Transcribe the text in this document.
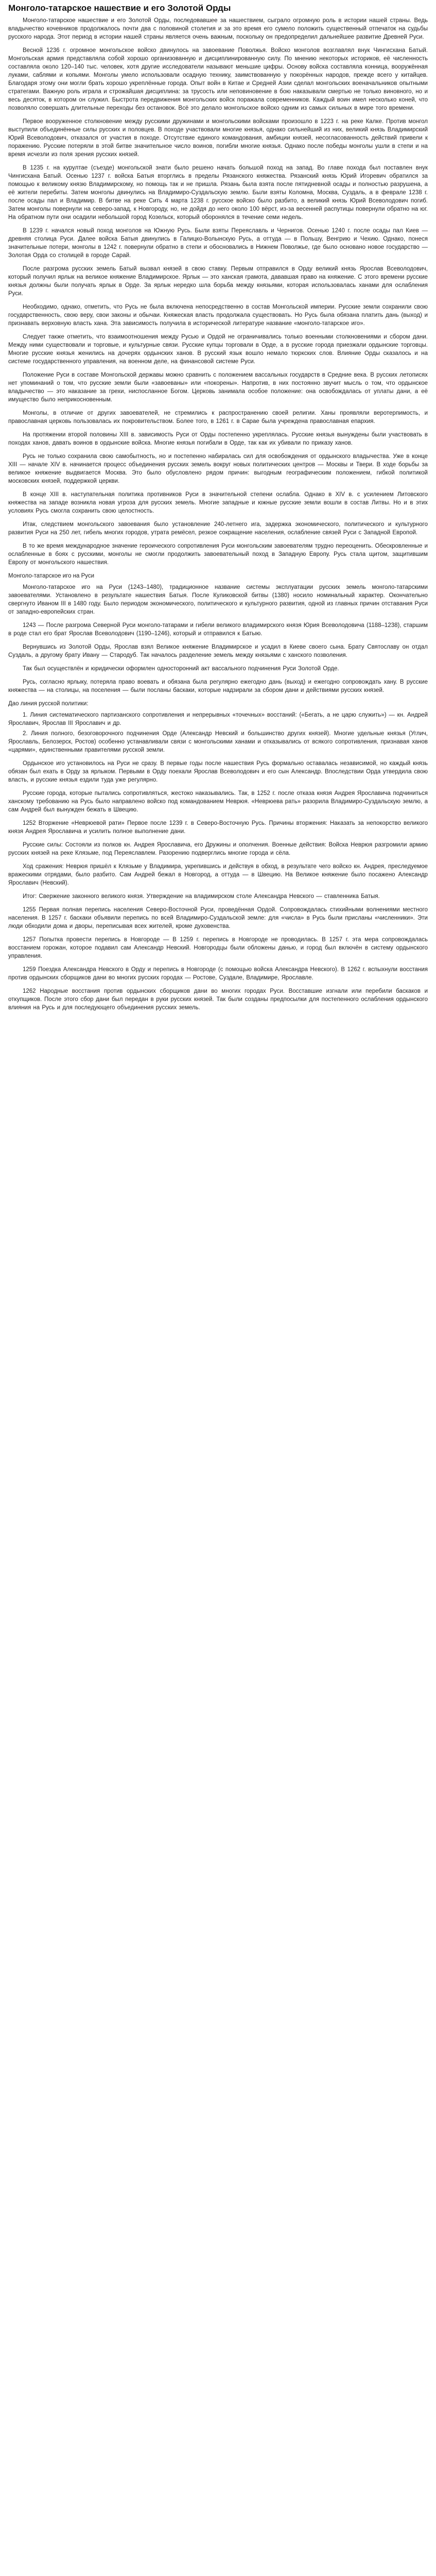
Монголо-татарское нашествие и его Золотой Орды

Монголо-татарское нашествие и его Золотой Орды, последовавшее за нашествием, сыграло огромную роль в истории нашей страны. Ведь владычество кочевников продолжалось почти два с половиной столетия и за это время его сумело положить существенный отпечаток на судьбы русского народа. Этот период в истории нашей страны является очень важным, поскольку он предопределил дальнейшее развитие Древней Руси.

Весной 1236 г. огромное монгольское войско двинулось на завоевание Поволжья. Войско монголов возглавлял внук Чингисхана Батый. Монгольская армия представляла собой хорошо организованную и дисциплинированную силу. По мнению некоторых историков, её численность составляла около 120–140 тыс. человек, хотя другие исследователи называют меньшие цифры. Основу войска составляла конница, вооружённая луками, саблями и копьями. Монголы умело использовали осадную технику, заимствованную у покорённых народов, прежде всего у китайцев. Благодаря этому они могли брать хорошо укреплённые города. Опыт войн в Китае и Средней Азии сделал монгольских военачальников опытными стратегами. Важную роль играла и строжайшая дисциплина: за трусость или неповиновение в бою наказывали смертью не только виновного, но и весь десяток, в котором он служил. Быстрота передвижения монгольских войск поражала современников. Каждый воин имел несколько коней, что позволяло совершать длительные переходы без остановок. Всё это делало монгольское войско одним из самых сильных в мире того времени.

Первое вооруженное столкновение между русскими дружинами и монгольскими войсками произошло в 1223 г. на реке Калке. Против монгол выступили объединённые силы русских и половцев. В походе участвовали многие князья, однако сильнейший из них, великий князь Владимирский Юрий Всеволодович, отказался от участия в походе. Отсутствие единого командования, амбиции князей, несогласованность действий привели к поражению. Русские потеряли в этой битве значительное число воинов, погибли многие князья. Однако после победы монголы ушли в степи и на время исчезли из поля зрения русских князей.

В 1235 г. на курултае (съезде) монгольской знати было решено начать большой поход на запад. Во главе похода был поставлен внук Чингисхана Батый. Осенью 1237 г. войска Батыя вторглись в пределы Рязанского княжества. Рязанский князь Юрий Игоревич обратился за помощью к великому князю Владимирскому, но помощь так и не пришла. Рязань была взята после пятидневной осады и полностью разрушена, а её жители перебиты. Затем монголы двинулись на Владимиро-Суздальскую землю. Были взяты Коломна, Москва, Суздаль, а в феврале 1238 г. после осады пал и Владимир. В битве на реке Сить 4 марта 1238 г. русское войско было разбито, а великий князь Юрий Всеволодович погиб. Затем монголы повернули на северо-запад, к Новгороду, но, не дойдя до него около 100 вёрст, из-за весенней распутицы повернули обратно на юг. На обратном пути они осадили небольшой город Козельск, который оборонялся в течение семи недель.

В 1239 г. начался новый поход монголов на Южную Русь. Были взяты Переяславль и Чернигов. Осенью 1240 г. после осады пал Киев — древняя столица Руси. Далее войска Батыя двинулись в Галицко-Волынскую Русь, а оттуда — в Польшу, Венгрию и Чехию. Однако, понеся значительные потери, монголы в 1242 г. повернули обратно в степи и обосновались в Нижнем Поволжье, где было основано новое государство — Золотая Орда со столицей в городе Сарай.

После разгрома русских земель Батый вызвал князей в свою ставку. Первым отправился в Орду великий князь Ярослав Всеволодович, который получил ярлык на великое княжение Владимирское. Ярлык — это ханская грамота, дававшая право на княжение. С этого времени русские князья должны были получать ярлык в Орде. За ярлык нередко шла борьба между князьями, которая использовалась ханами для ослабления Руси.

Необходимо, однако, отметить, что Русь не была включена непосредственно в состав Монгольской империи. Русские земли сохранили свою государственность, свою веру, свои законы и обычаи. Княжеская власть продолжала существовать. Но Русь была обязана платить дань (выход) и признавать верховную власть хана. Эта зависимость получила в исторической литературе название «монголо-татарское иго».

Следует также отметить, что взаимоотношения между Русью и Ордой не ограничивались только военными столкновениями и сбором дани. Между ними существовали и торговые, и культурные связи. Русские купцы торговали в Орде, а в русские города приезжали ордынские торговцы. Многие русские князья женились на дочерях ордынских ханов. В русский язык вошло немало тюркских слов. Влияние Орды сказалось и на системе государственного управления, на военном деле, на финансовой системе Руси.

Положение Руси в составе Монгольской державы можно сравнить с положением вассальных государств в Средние века. В русских летописях нет упоминаний о том, что русские земли были «завоеваны» или «покорены». Напротив, в них постоянно звучит мысль о том, что ордынское владычество — это наказание за грехи, ниспосланное Богом. Церковь занимала особое положение: она освобождалась от уплаты дани, а её имущество было неприкосновенным.

Монголы, в отличие от других завоевателей, не стремились к распространению своей религии. Ханы проявляли веротерпимость, и православная церковь пользовалась их покровительством. Более того, в 1261 г. в Сарае была учреждена православная епархия.

На протяжении второй половины XIII в. зависимость Руси от Орды постепенно укреплялась. Русские князья вынуждены были участвовать в походах ханов, давать воинов в ордынские войска. Многие князья погибали в Орде, так как их убивали по приказу ханов.

Русь не только сохранила свою самобытность, но и постепенно набиралась сил для освобождения от ордынского владычества. Уже в конце XIII — начале XIV в. начинается процесс объединения русских земель вокруг новых политических центров — Москвы и Твери. В ходе борьбы за великое княжение выдвигается Москва. Это было обусловлено рядом причин: выгодным географическим положением, гибкой политикой московских князей, поддержкой церкви.

В конце XIII в. наступательная политика противников Руси в значительной степени ослабла. Однако в XIV в. с усилением Литовского княжества на западе возникла новая угроза для русских земель. Многие западные и южные русские земли вошли в состав Литвы. Но и в этих условиях Русь смогла сохранить свою целостность.

Итак, следствием монгольского завоевания было установление 240-летнего ига, задержка экономического, политического и культурного развития Руси на 250 лет, гибель многих городов, утрата ремёсел, резкое сокращение населения, ослабление связей Руси с Западной Европой.

В то же время международное значение героического сопротивления Руси монгольским завоевателям трудно переоценить. Обескровленные и ослабленные в боях с русскими, монголы не смогли продолжить завоевательный поход в Западную Европу. Русь стала щитом, защитившим Европу от монгольского нашествия.

Монголо-татарское иго на Руси

Монголо-татарское иго на Руси (1243–1480), традиционное название системы эксплуатации русских земель монголо-татарскими завоевателями. Установлено в результате нашествия Батыя. После Куликовской битвы (1380) носило номинальный характер. Окончательно свергнуто Иваном III в 1480 году. Было периодом экономического, политического и культурного развития, одной из главных причин отставания Руси от западно-европейских стран.

1243 — После разгрома Северной Руси монголо-татарами и гибели великого владимирского князя Юрия Всеволодовича (1188–1238), старшим в роде стал его брат Ярослав Всеволодович (1190–1246), который и отправился к Батыю.

Вернувшись из Золотой Орды, Ярослав взял Великое княжение Владимирское и усадил в Киеве своего сына. Брату Святославу он отдал Суздаль, а другому брату Ивану — Стародуб. Так началось разделение земель между князьями с ханского позволения.

Так был осуществлён и юридически оформлен односторонний акт вассального подчинения Руси Золотой Орде.

Русь, согласно ярлыку, потеряла право воевать и обязана была регулярно ежегодно дань (выход) и ежегодно сопровождать хану. В русские княжества — на столицы, на поселения — были посланы баскаки, которые надзирали за сбором дани и действиями русских князей.

Дао линия русской политики:

1. Линия систематического партизанского сопротивления и непрерывных «точечных» восстаний: («Бегать, а не царю служить») — кн. Андрей Ярославич, Ярослав III Ярославич и др.
2. Линия полного, безоговорочного подчинения Орде (Александр Невский и большинство других князей). Многие удельные князья (Углич, Ярославль, Белозерск, Ростов) особенно устанавливали связи с монгольскими ханами и отказывались от всякого сопротивления, признавая ханов «царями», единственными правителями русской земли.

Ордынское иго установилось на Руси не сразу. В первые годы после нашествия Русь формально оставалась независимой, но каждый князь обязан был ехать в Орду за ярлыком. Первыми в Орду поехали Ярослав Всеволодович и его сын Александр. Впоследствии Орда утвердила свою власть, и русские князья ездили туда уже регулярно.

Русские города, которые пытались сопротивляться, жестоко наказывались. Так, в 1252 г. после отказа князя Андрея Ярославича подчиниться ханскому требованию на Русь было направлено войско под командованием Неврюя. «Неврюева рать» разорила Владимиро-Суздальскую землю, а сам Андрей был вынужден бежать в Швецию.

1252 Вторжение «Неврюевой рати» Первое после 1239 г. в Северо-Восточную Русь. Причины вторжения: Наказать за непокорство великого князя Андрея Ярославича и усилить полное выполнение дани.

Русские силы: Состояли из полков кн. Андрея Ярославича, его Дружины и ополчения. Военные действия: Войска Неврюя разгромили армию русских князей на реке Клязьме, под Переяславлем. Разорению подверглись многие города и сёла.

Ход сражения: Неврюя пришёл к Клязьме у Владимира, укрепившись и действуя в обход, в результате чего войско кн. Андрея, преследуемое вражескими отрядами, было разбито. Сам Андрей бежал в Новгород, а оттуда — в Швецию. На Великое княжение было посажено Александр Ярославич (Невский).

Итог: Свержение законного великого князя. Утверждение на владимирском столе Александра Невского — ставленника Батыя.

1255 Первая полная перепись населения Северо-Восточной Руси, проведённая Ордой. Сопровождалась стихийными волнениями местного населения. В 1257 г. баскаки объявили перепись по всей Владимиро-Суздальской земле: для «числа» в Русь были присланы «численники». Эти люди обходили дома и дворы, переписывая всех жителей, кроме духовенства.

1257 Попытка провести перепись в Новгороде — В 1259 г. перепись в Новгороде не проводилась. В 1257 г. эта мера сопровождалась восстанием горожан, которое подавил сам Александр Невский. Новгородцы были обложены данью, и город был включён в систему ордынского управления.

1259 Поездка Александра Невского в Орду и перепись в Новгороде (с помощью войска Александра Невского). В 1262 г. вспыхнули восстания против ордынских сборщиков дани во многих русских городах — Ростове, Суздале, Владимире, Ярославле.

1262 Народные восстания против ордынских сборщиков дани во многих городах Руси. Восставшие изгнали или перебили баскаков и откупщиков. После этого сбор дани был передан в руки русских князей. Так были созданы предпосылки для постепенного ослабления ордынского влияния на Русь и для последующего объединения русских земель.
